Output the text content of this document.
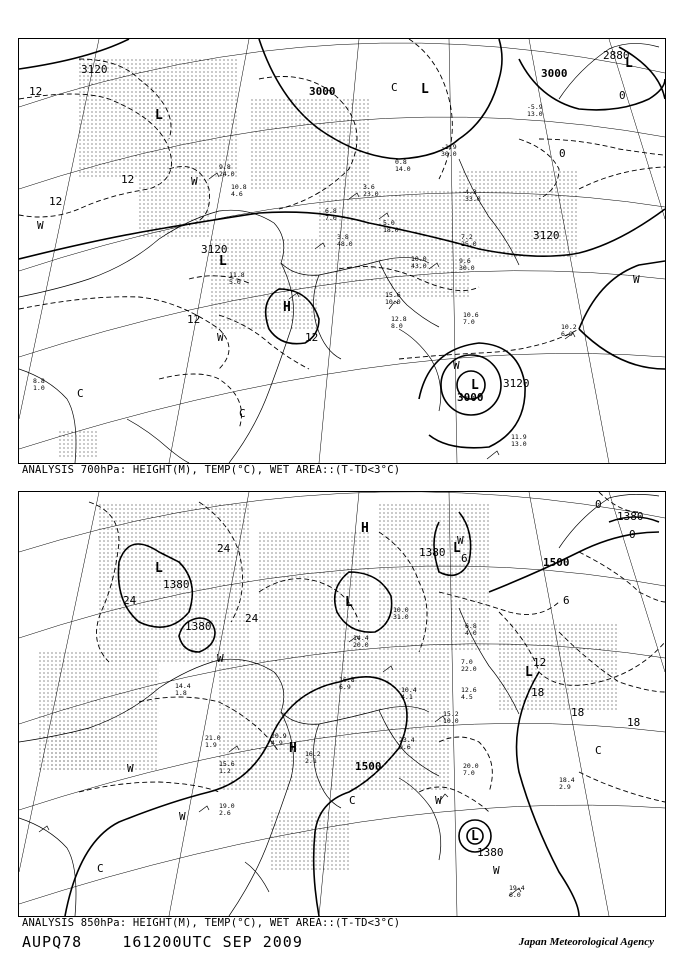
9.8
24.0
10.8
4.6
3.6
23.0
0.8
14.0
-1.9
30.0
4.3
33.0
6.8
7.0
3.8
48.0
5.0
18.0
10.0
43.0
9.6
30.0
7.2
25.0
15.6
10.0
12.8
8.0
10.6
7.0
10.2
6.0
11.9
13.0
11.8
5.0
8.8
1.0
-5.9
13.0
3120
3000
2880
3000
3120
3120
3000
3120
12
12
12
12
0
0
12
L
L
L
H
L
L
W
W
W
W
C
C
C
W
ANALYSIS 700hPa: HEIGHT(M), TEMP(°C), WET AREA::(T-TD<3°C)
10.0
31.0
14.4
20.0
16.8
6.9	10.4
4.1
15.2
10.0
20.0
7.0
18.4
2.9
19.4
6.0
12.6
4.5
6.8
4.0
7.0
22.0
16.2
2.1
20.9
4.9
15.6
1.2
19.0
2.6
21.0
1.9
14.4
1.8
23.4
0.6
1380
1380
1380
1500
1380
1500
1380
24
24
24
18
18
18
12
6
0
0
6
L
L
L
H
H
L
L
W
W
W
W
W
W
C
C
C
ANALYSIS 850hPa: HEIGHT(M), TEMP(°C), WET AREA::(T-TD<3°C)
AUPQ78	161200UTC SEP 2009	Japan Meteorological Agency
